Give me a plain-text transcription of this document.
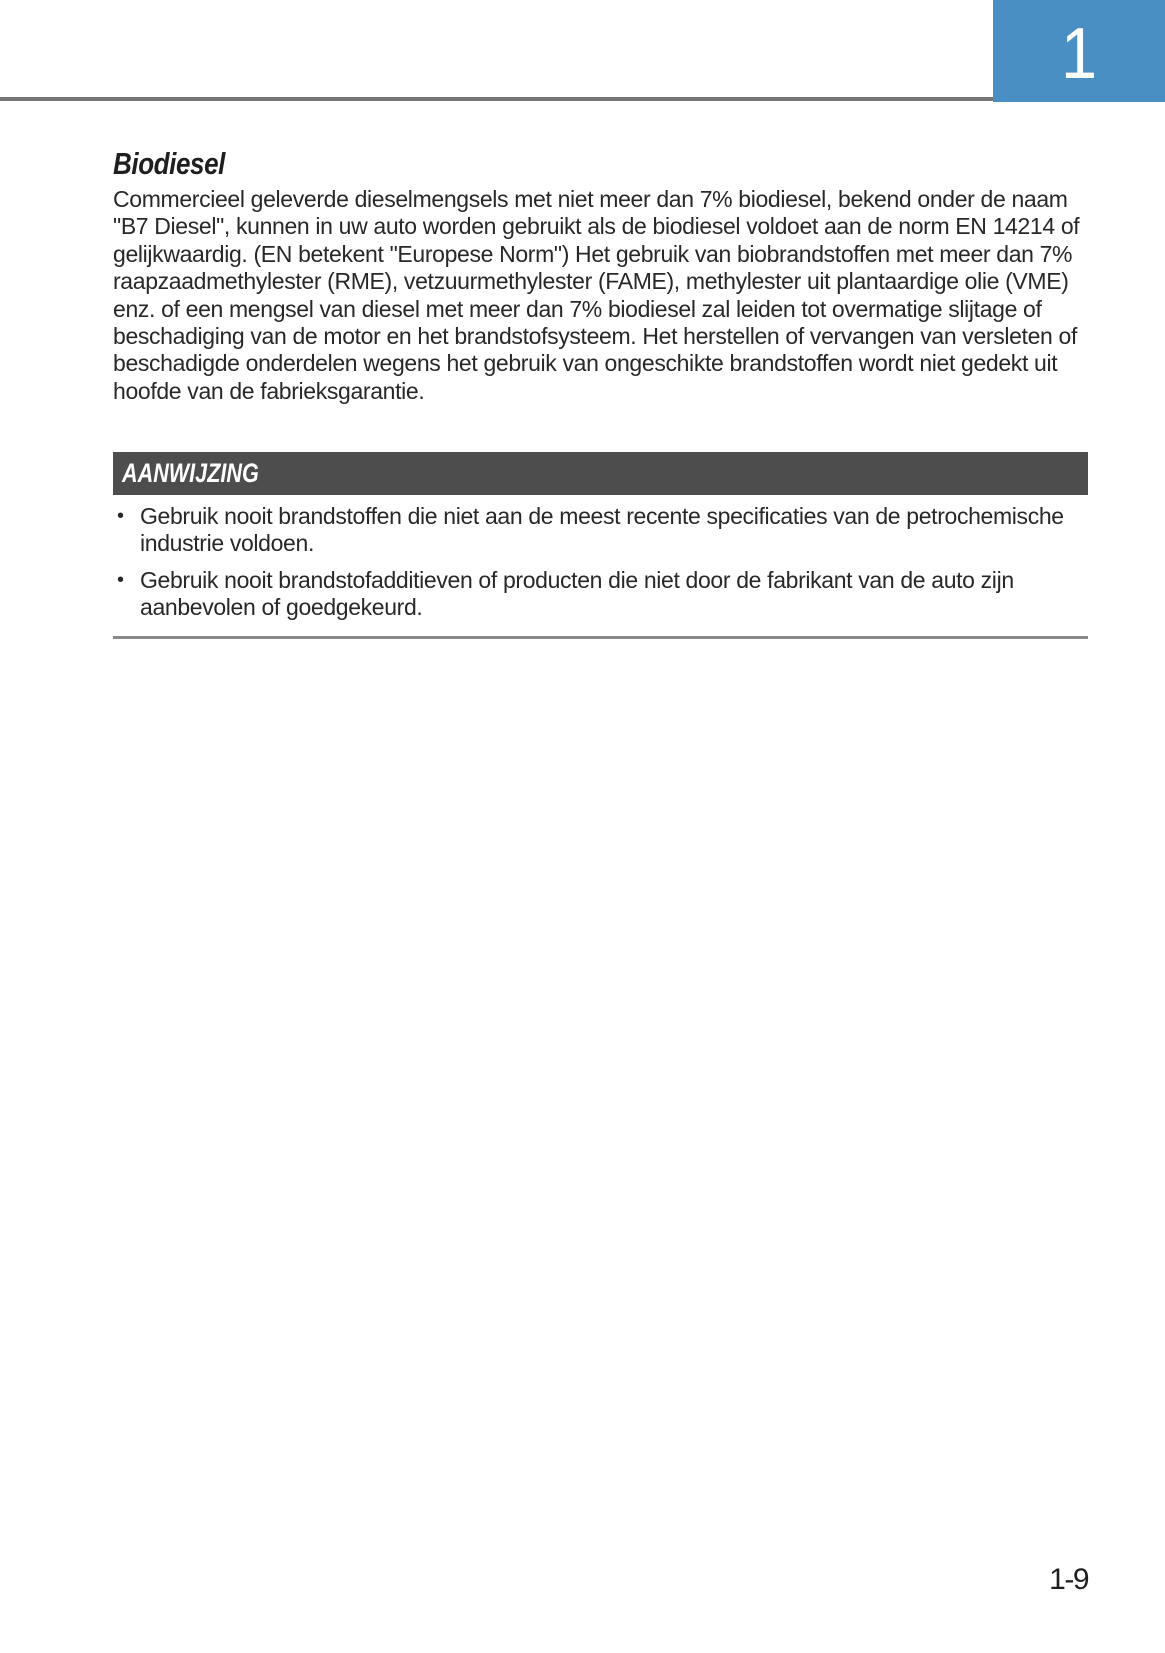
1
Biodiesel

Commercieel geleverde dieselmengsels met niet meer dan 7% biodiesel, bekend onder de naam "B7 Diesel", kunnen in uw auto worden gebruikt als de biodiesel voldoet aan de norm EN 14214 of gelijkwaardig. (EN betekent "Europese Norm") Het gebruik van biobrandstoffen met meer dan 7% raapzaadmethylester (RME), vetzuurmethylester (FAME), methylester uit plantaardige olie (VME) enz. of een mengsel van diesel met meer dan 7% biodiesel zal leiden tot overmatige slijtage of beschadiging van de motor en het brandstofsysteem. Het herstellen of vervangen van versleten of beschadigde onderdelen wegens het gebruik van ongeschikte brandstoffen wordt niet gedekt uit hoofde van de fabrieksgarantie.

AANWIJZING
• Gebruik nooit brandstoffen die niet aan de meest recente specificaties van de petrochemische industrie voldoen.
• Gebruik nooit brandstofadditieven of producten die niet door de fabrikant van de auto zijn aanbevolen of goedgekeurd.
1-9
